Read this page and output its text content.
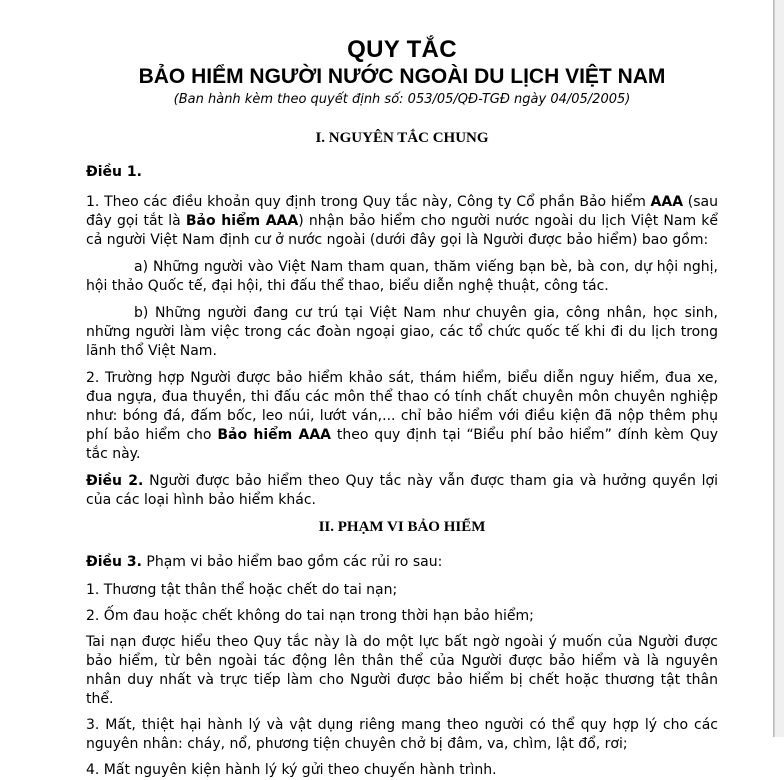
QUY TẮC
BẢO HIỂM NGƯỜI NƯỚC NGOÀI DU LỊCH VIỆT NAM
(Ban hành kèm theo quyết định số: 053/05/QĐ-TGĐ ngày 04/05/2005)
I. NGUYÊN TẮC CHUNG

Điều 1.

1. Theo các điều khoản quy định trong Quy tắc này, Công ty Cổ phần Bảo hiểm AAA (sau đây gọi tắt là Bảo hiểm AAA) nhận bảo hiểm cho người nước ngoài du lịch Việt Nam kể cả người Việt Nam định cư ở nước ngoài (dưới đây gọi là Người được bảo hiểm) bao gồm:

a) Những người vào Việt Nam tham quan, thăm viếng bạn bè, bà con, dự hội nghị, hội thảo Quốc tế, đại hội, thi đấu thể thao, biểu diễn nghệ thuật, công tác.

b) Những người đang cư trú tại Việt Nam như chuyên gia, công nhân, học sinh, những người làm việc trong các đoàn ngoại giao, các tổ chức quốc tế khi đi du lịch trong lãnh thổ Việt Nam.

2. Trường hợp Người được bảo hiểm khảo sát, thám hiểm, biểu diễn nguy hiểm, đua xe, đua ngựa, đua thuyền, thi đấu các môn thể thao có tính chất chuyên môn chuyên nghiệp như: bóng đá, đấm bốc, leo núi, lướt ván,... chỉ bảo hiểm với điều kiện đã nộp thêm phụ phí bảo hiểm cho Bảo hiểm AAA theo quy định tại “Biểu phí bảo hiểm” đính kèm Quy tắc này.

Điều 2. Người được bảo hiểm theo Quy tắc này vẫn được tham gia và hưởng quyền lợi của các loại hình bảo hiểm khác.

II. PHẠM VI BẢO HIỂM

Điều 3. Phạm vi bảo hiểm bao gồm các rủi ro sau:

1. Thương tật thân thể hoặc chết do tai nạn;

2. Ốm đau hoặc chết không do tai nạn trong thời hạn bảo hiểm;

Tai nạn được hiểu theo Quy tắc này là do một lực bất ngờ ngoài ý muốn của Người được bảo hiểm, từ bên ngoài tác động lên thân thể của Người được bảo hiểm và là nguyên nhân duy nhất và trực tiếp làm cho Người được bảo hiểm bị chết hoặc thương tật thân thể.

3. Mất, thiệt hại hành lý và vật dụng riêng mang theo người có thể quy hợp lý cho các nguyên nhân: cháy, nổ, phương tiện chuyên chở bị đâm, va, chìm, lật đổ, rơi;

4. Mất nguyên kiện hành lý ký gửi theo chuyến hành trình.
